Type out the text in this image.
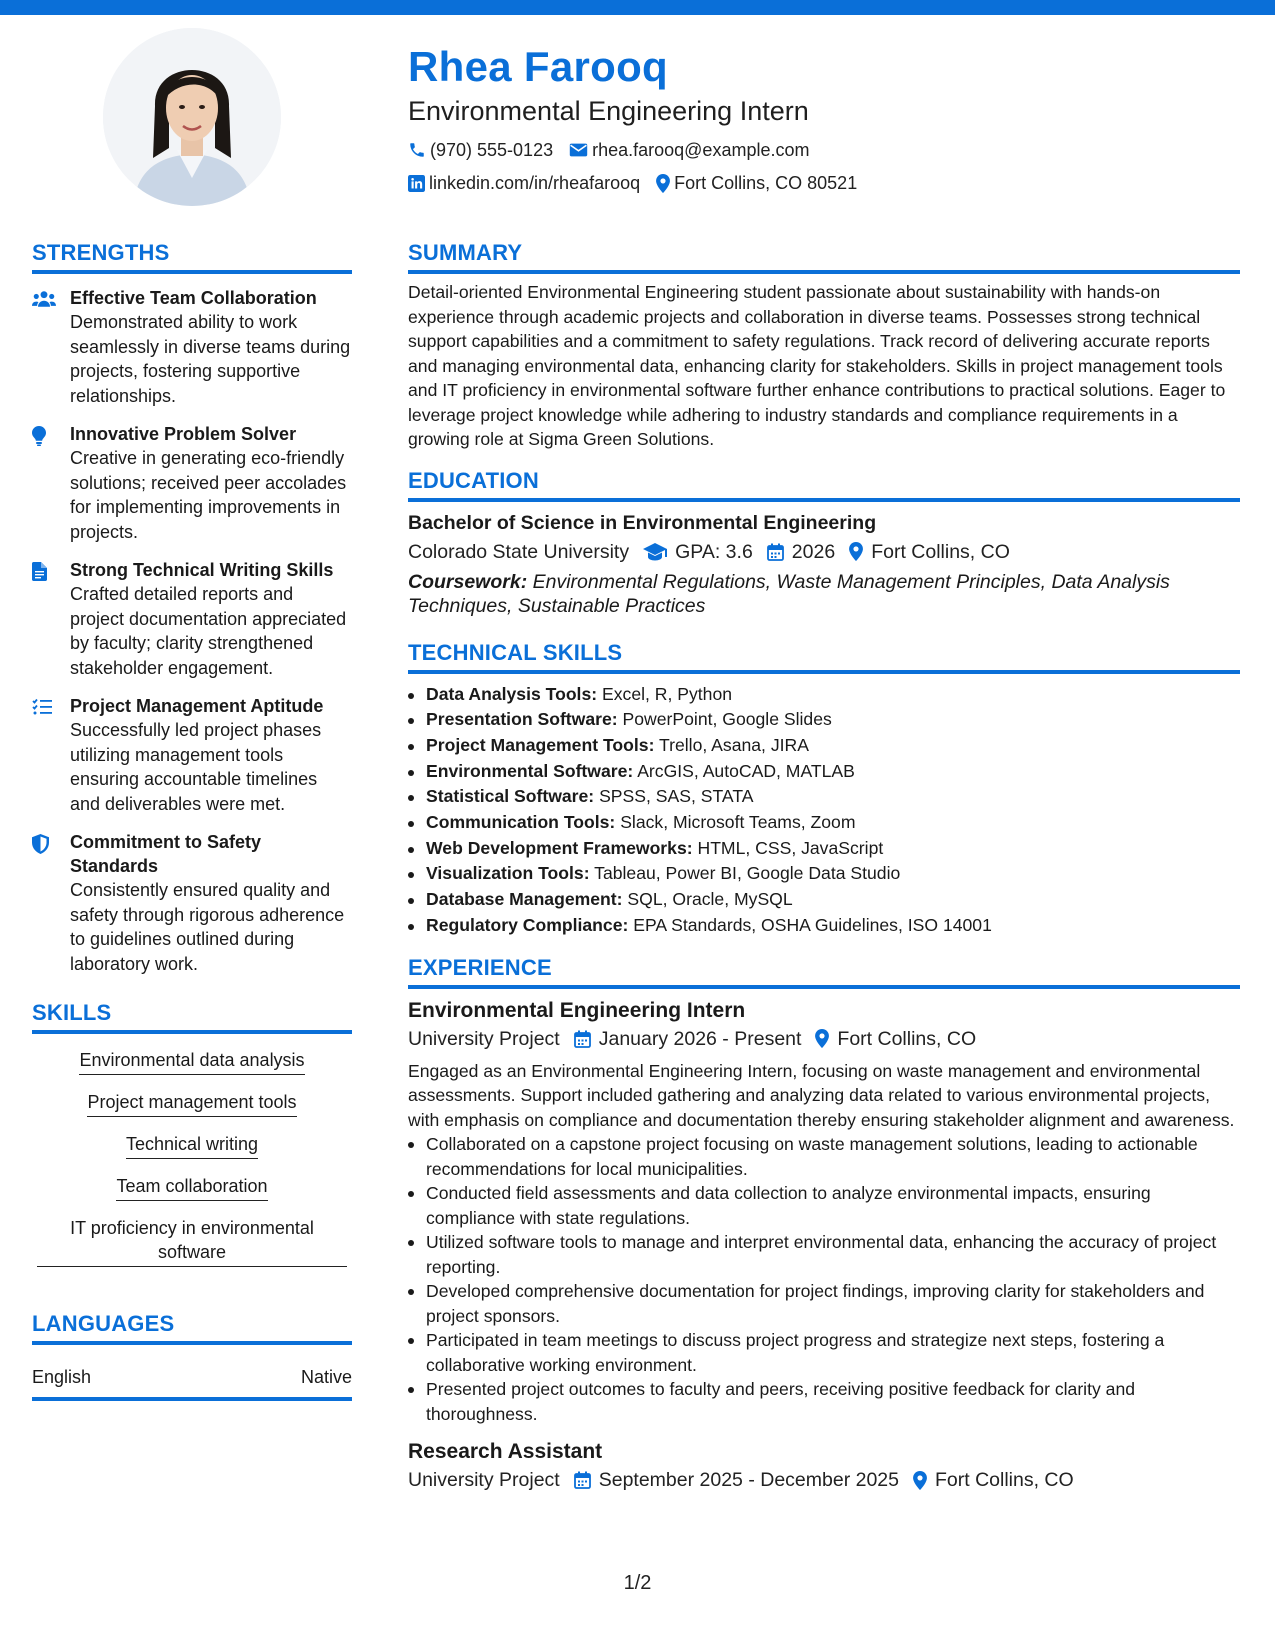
Rhea Farooq
Environmental Engineering Intern
(970) 555-0123 rhea.farooq@example.com
linkedin.com/in/rheafarooq Fort Collins, CO 80521
STRENGTHS
Effective Team Collaboration
Demonstrated ability to work seamlessly in diverse teams during projects, fostering supportive relationships.
Innovative Problem Solver
Creative in generating eco-friendly solutions; received peer accolades for implementing improvements in projects.
Strong Technical Writing Skills
Crafted detailed reports and project documentation appreciated by faculty; clarity strengthened stakeholder engagement.
Project Management Aptitude
Successfully led project phases utilizing management tools ensuring accountable timelines and deliverables were met.
Commitment to Safety Standards
Consistently ensured quality and safety through rigorous adherence to guidelines outlined during laboratory work.
SKILLS
Environmental data analysis
Project management tools
Technical writing
Team collaboration
IT proficiency in environmental software
LANGUAGES
English	Native
SUMMARY
Detail-oriented Environmental Engineering student passionate about sustainability with hands-on experience through academic projects and collaboration in diverse teams. Possesses strong technical support capabilities and a commitment to safety regulations. Track record of delivering accurate reports and managing environmental data, enhancing clarity for stakeholders. Skills in project management tools and IT proficiency in environmental software further enhance contributions to practical solutions. Eager to leverage project knowledge while adhering to industry standards and compliance requirements in a growing role at Sigma Green Solutions.
EDUCATION
Bachelor of Science in Environmental Engineering
Colorado State University GPA: 3.6 2026 Fort Collins, CO
Coursework: Environmental Regulations, Waste Management Principles, Data Analysis Techniques, Sustainable Practices
TECHNICAL SKILLS
Data Analysis Tools: Excel, R, Python
Presentation Software: PowerPoint, Google Slides
Project Management Tools: Trello, Asana, JIRA
Environmental Software: ArcGIS, AutoCAD, MATLAB
Statistical Software: SPSS, SAS, STATA
Communication Tools: Slack, Microsoft Teams, Zoom
Web Development Frameworks: HTML, CSS, JavaScript
Visualization Tools: Tableau, Power BI, Google Data Studio
Database Management: SQL, Oracle, MySQL
Regulatory Compliance: EPA Standards, OSHA Guidelines, ISO 14001
EXPERIENCE
Environmental Engineering Intern
University Project January 2026 - Present Fort Collins, CO
Engaged as an Environmental Engineering Intern, focusing on waste management and environmental assessments. Support included gathering and analyzing data related to various environmental projects, with emphasis on compliance and documentation thereby ensuring stakeholder alignment and awareness.
Collaborated on a capstone project focusing on waste management solutions, leading to actionable recommendations for local municipalities.
Conducted field assessments and data collection to analyze environmental impacts, ensuring compliance with state regulations.
Utilized software tools to manage and interpret environmental data, enhancing the accuracy of project reporting.
Developed comprehensive documentation for project findings, improving clarity for stakeholders and project sponsors.
Participated in team meetings to discuss project progress and strategize next steps, fostering a collaborative working environment.
Presented project outcomes to faculty and peers, receiving positive feedback for clarity and thoroughness.
Research Assistant
University Project September 2025 - December 2025 Fort Collins, CO
1/2
